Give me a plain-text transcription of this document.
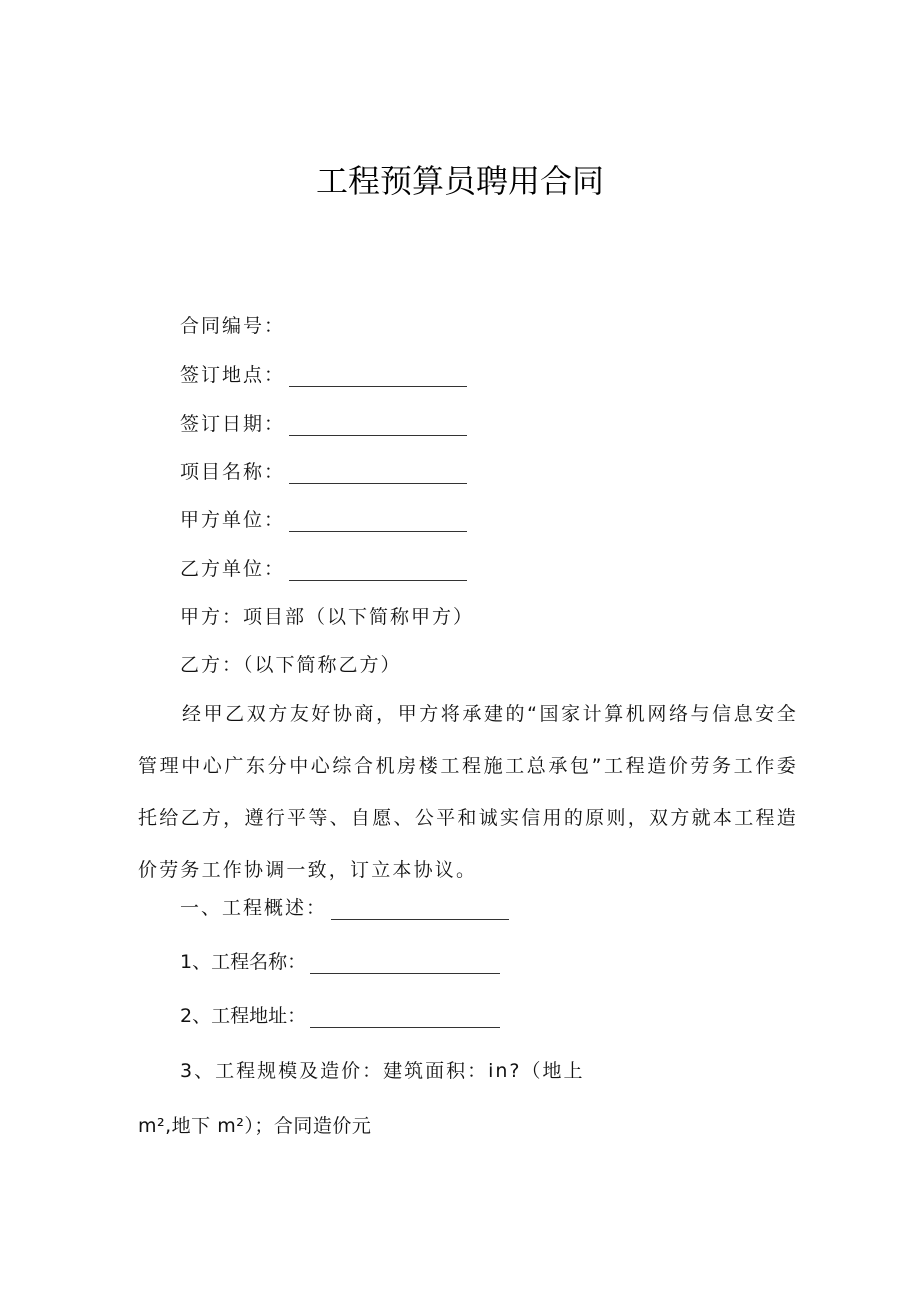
工程预算员聘用合同
合同编号：
签订地点：
签订日期：
项目名称：
甲方单位：
乙方单位：
甲方：项目部（以下简称甲方）
乙方：（以下简称乙方）
经甲乙双方友好协商，甲方将承建的“国家计算机网络与信息安全管理中心广东分中心综合机房楼工程施工总承包”工程造价劳务工作委托给乙方，遵行平等、自愿、公平和诚实信用的原则，双方就本工程造价劳务工作协调一致，订立本协议。
一、工程概述：
1、工程名称：
2、工程地址：
3、工程规模及造价：建筑面积：in?（地上
m²,地下 m²）；合同造价元
